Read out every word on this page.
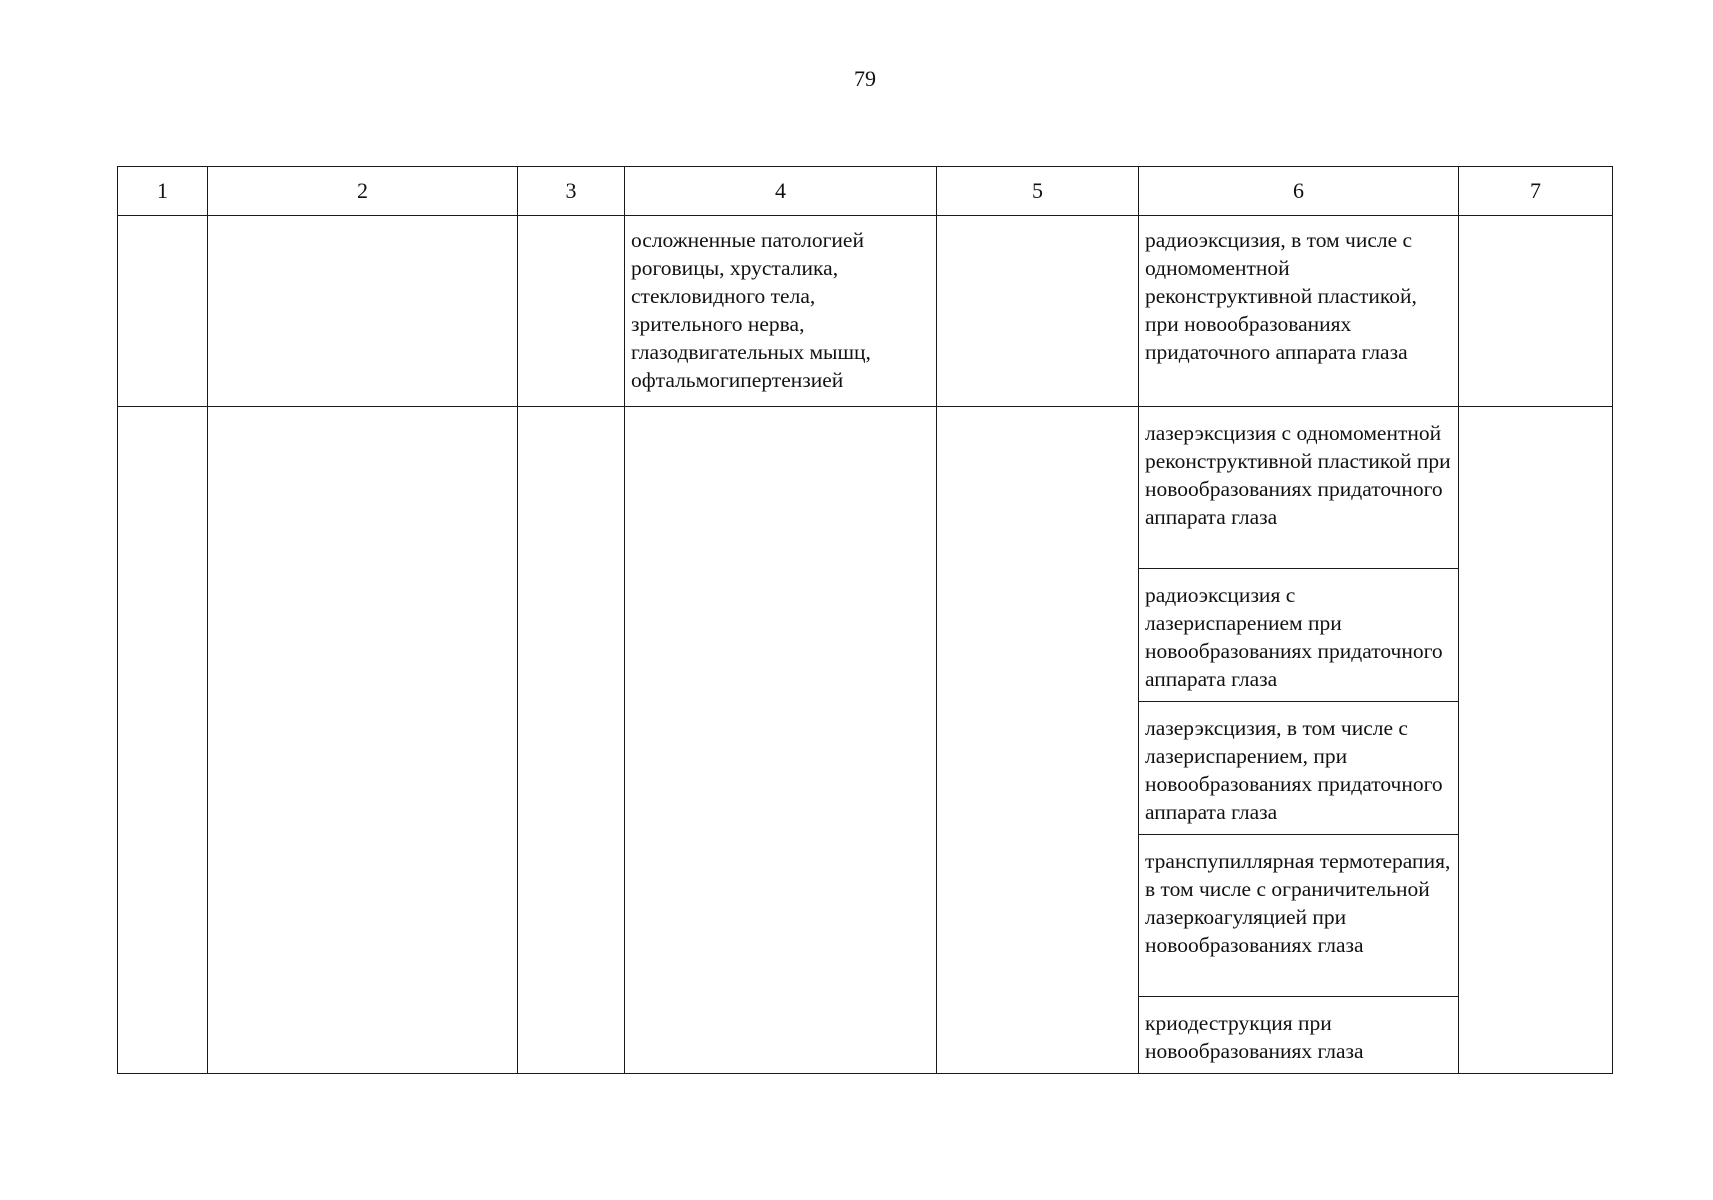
79
1	2	3	4	5	6	7

			осложненные патологией роговицы, хрусталика, стекловидного тела, зрительного нерва, глазодвигательных мышц, офтальмогипертензией		радиоэксцизия, в том числе с одномоментной реконструктивной пластикой, при новообразованиях придаточного аппарата глаза	

					лазерэксцизия с одномоментной реконструктивной пластикой при новообразованиях придаточного аппарата глаза
радиоэксцизия с лазериспарением при новообразованиях придаточного аппарата глаза
лазерэксцизия, в том числе с лазериспарением, при новообразованиях придаточного аппарата глаза
транспупиллярная термотерапия, в том числе с ограничительной лазеркоагуляцией при новообразованиях глаза
криодеструкция при новообразованиях глаза	
